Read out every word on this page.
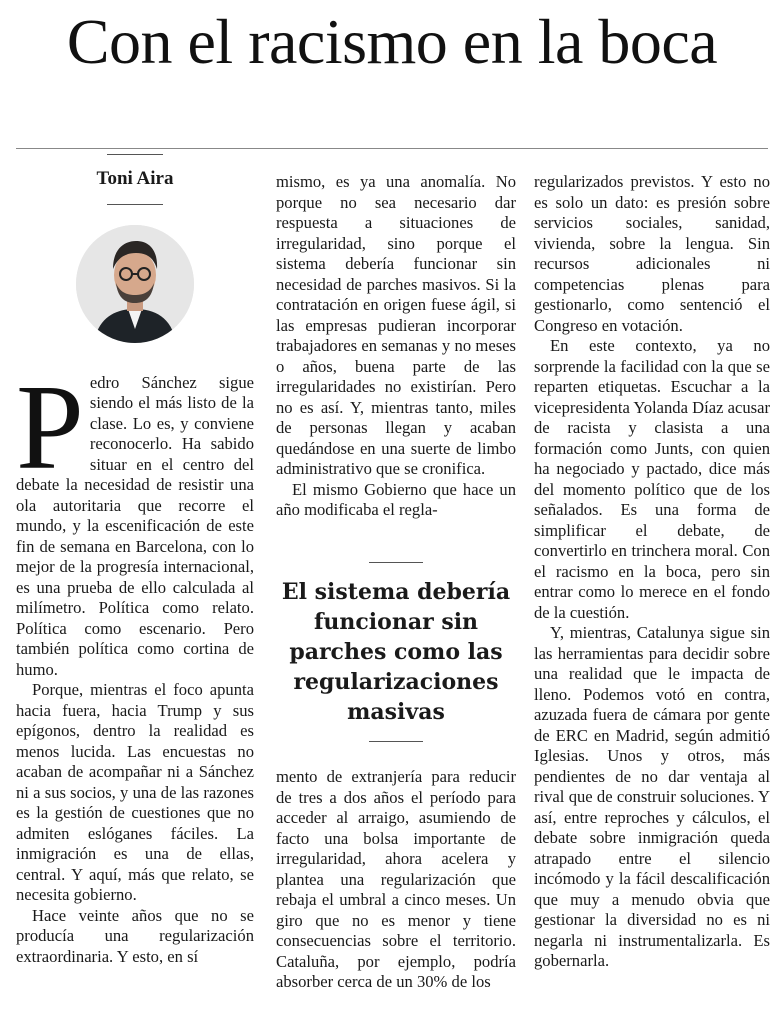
Con el racismo en la boca
Toni Aira

Pedro Sánchez sigue siendo el más listo de la clase. Lo es, y conviene reconocerlo. Ha sabido situar en el centro del debate la necesidad de resistir una ola autoritaria que recorre el mundo, y la escenificación de este fin de semana en Barcelona, con lo mejor de la progresía internacional, es una prueba de ello calculada al milímetro. Política como relato. Política como escenario. Pero también política como cortina de humo.

Porque, mientras el foco apunta hacia fuera, hacia Trump y sus epígonos, dentro la realidad es menos lucida. Las encuestas no acaban de acompañar ni a Sánchez ni a sus socios, y una de las razones es la gestión de cuestiones que no admiten eslóganes fáciles. La inmigración es una de ellas, central. Y aquí, más que relato, se necesita gobierno.

Hace veinte años que no se producía una regularización extraordinaria. Y esto, en sí

mismo, es ya una anomalía. No porque no sea necesario dar respuesta a situaciones de irregularidad, sino porque el sistema debería funcionar sin necesidad de parches masivos. Si la contratación en origen fuese ágil, si las empresas pudieran incorporar trabajadores en semanas y no meses o años, buena parte de las irregularidades no existirían. Pero no es así. Y, mientras tanto, miles de personas llegan y acaban quedándose en una suerte de limbo administrativo que se cronifica.

El mismo Gobierno que hace un año modificaba el regla-

El sistema debería funcionar sin parches como las regularizaciones masivas

mento de extranjería para reducir de tres a dos años el período para acceder al arraigo, asumiendo de facto una bolsa importante de irregularidad, ahora acelera y plantea una regularización que rebaja el umbral a cinco meses. Un giro que no es menor y tiene consecuencias sobre el territorio. Cataluña, por ejemplo, podría absorber cerca de un 30% de los

regularizados previstos. Y esto no es solo un dato: es presión sobre servicios sociales, sanidad, vivienda, sobre la lengua. Sin recursos adicionales ni competencias plenas para gestionarlo, como sentenció el Congreso en votación.

En este contexto, ya no sorprende la facilidad con la que se reparten etiquetas. Escuchar a la vicepresidenta Yolanda Díaz acusar de racista y clasista a una formación como Junts, con quien ha negociado y pactado, dice más del momento político que de los señalados. Es una forma de simplificar el debate, de convertirlo en trinchera moral. Con el racismo en la boca, pero sin entrar como lo merece en el fondo de la cuestión.

Y, mientras, Catalunya sigue sin las herramientas para decidir sobre una realidad que le impacta de lleno. Podemos votó en contra, azuzada fuera de cámara por gente de ERC en Madrid, según admitió Iglesias. Unos y otros, más pendientes de no dar ventaja al rival que de construir soluciones. Y así, entre reproches y cálculos, el debate sobre inmigración queda atrapado entre el silencio incómodo y la fácil descalificación que muy a menudo obvia que gestionar la diversidad no es ni negarla ni instrumentalizarla. Es gobernarla.
